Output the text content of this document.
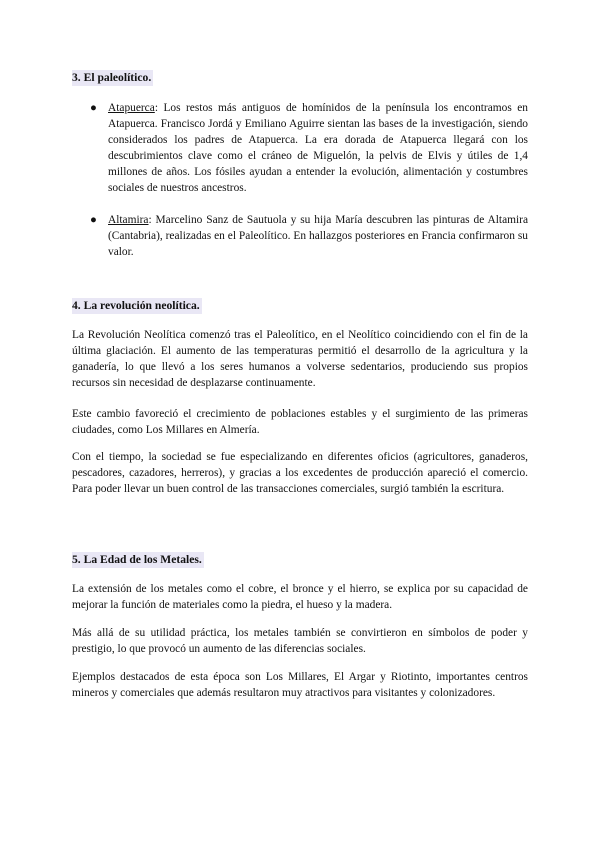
3. El paleolítico.
● Atapuerca: Los restos más antiguos de homínidos de la península los encontramos en Atapuerca. Francisco Jordá y Emiliano Aguirre sientan las bases de la investigación, siendo considerados los padres de Atapuerca. La era dorada de Atapuerca llegará con los descubrimientos clave como el cráneo de Miguelón, la pelvis de Elvis y útiles de 1,4 millones de años. Los fósiles ayudan a entender la evolución, alimentación y costumbres sociales de nuestros ancestros.
● Altamira: Marcelino Sanz de Sautuola y su hija María descubren las pinturas de Altamira (Cantabria), realizadas en el Paleolítico. En hallazgos posteriores en Francia confirmaron su valor.
4. La revolución neolítica.

La Revolución Neolítica comenzó tras el Paleolítico, en el Neolítico coincidiendo con el fin de la última glaciación. El aumento de las temperaturas permitió el desarrollo de la agricultura y la ganadería, lo que llevó a los seres humanos a volverse sedentarios, produciendo sus propios recursos sin necesidad de desplazarse continuamente.

Este cambio favoreció el crecimiento de poblaciones estables y el surgimiento de las primeras ciudades, como Los Millares en Almería.

Con el tiempo, la sociedad se fue especializando en diferentes oficios (agricultores, ganaderos, pescadores, cazadores, herreros), y gracias a los excedentes de producción apareció el comercio. Para poder llevar un buen control de las transacciones comerciales, surgió también la escritura.

5. La Edad de los Metales.

La extensión de los metales como el cobre, el bronce y el hierro, se explica por su capacidad de mejorar la función de materiales como la piedra, el hueso y la madera.

Más allá de su utilidad práctica, los metales también se convirtieron en símbolos de poder y prestigio, lo que provocó un aumento de las diferencias sociales.

Ejemplos destacados de esta época son Los Millares, El Argar y Riotinto, importantes centros mineros y comerciales que además resultaron muy atractivos para visitantes y colonizadores.
